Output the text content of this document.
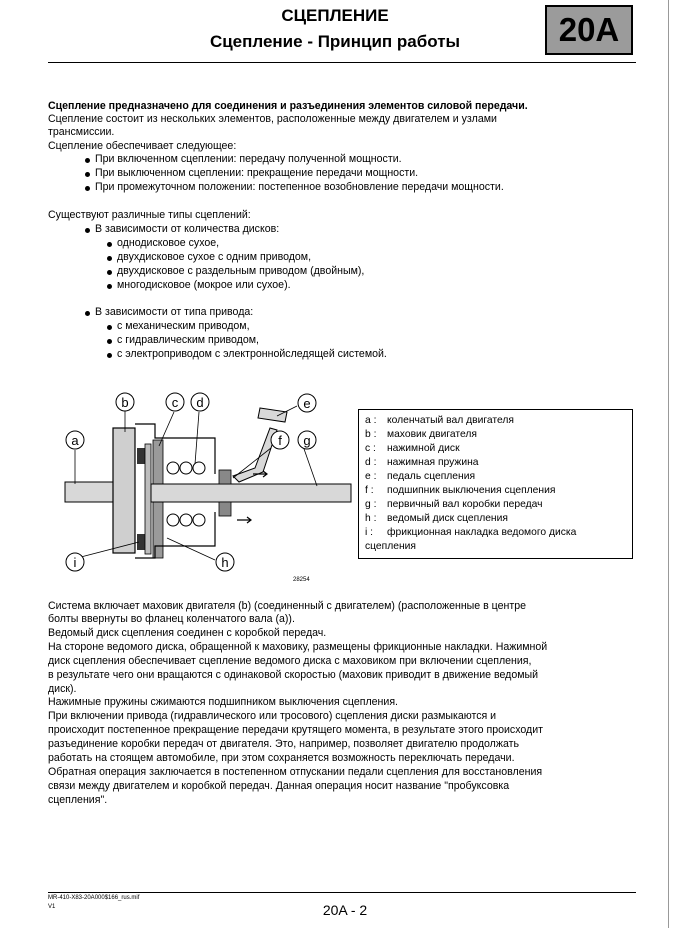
СЦЕПЛЕНИЕ
Сцепление - Принцип работы	20A
Сцепление предназначено для соединения и разъединения элементов силовой передачи.
Сцепление состоит из нескольких элементов, расположенные между двигателем и узлами
трансмиссии.
Сцепление обеспечивает следующее:
При включенном сцеплении: передачу полученной мощности.
При выключенном сцеплении: прекращение передачи мощности.
При промежуточном положении: постепенное возобновление передачи мощности.
Существуют различные типы сцеплений:
В зависимости от количества дисков:
однодисковое сухое,
двухдисковое сухое с одним приводом,
двухдисковое с раздельным приводом (двойным),
многодисковое (мокрое или сухое).
В зависимости от типа привода:
с механическим приводом,
с гидравлическим приводом,
с электроприводом с электроннойследящей системой.
a
b	c d	e
f g
h
i
28254
a : коленчатый вал двигателя
b : маховик двигателя
c : нажимной диск
d : нажимная пружина
e : педаль сцепления
f : подшипник выключения сцепления
g : первичный вал коробки передач
h : ведомый диск сцепления
i : фрикционная накладка ведомого диска
сцепления
Система включает маховик двигателя (b) (соединенный с двигателем) (расположенные в центре
болты ввернуты во фланец коленчатого вала (a)).
Ведомый диск сцепления соединен с коробкой передач.
На стороне ведомого диска, обращенной к маховику, размещены фрикционные накладки. Нажимной
диск сцепления обеспечивает сцепление ведомого диска с маховиком при включении сцепления,
в результате чего они вращаются с одинаковой скоростью (маховик приводит в движение ведомый
диск).
Нажимные пружины сжимаются подшипником выключения сцепления.
При включении привода (гидравлического или тросового) сцепления диски размыкаются и
происходит постепенное прекращение передачи крутящего момента, в результате этого происходит
разъединение коробки передач от двигателя. Это, например, позволяет двигателю продолжать
работать на стоящем автомобиле, при этом сохраняется возможность переключать передачи.
Обратная операция заключается в постепенном отпускании педали сцепления для восстановления
связи между двигателем и коробкой передач. Данная операция носит название "пробуксовка
сцепления".
MR-410-X83-20A000$166_rus.mif
V1	20A - 2
